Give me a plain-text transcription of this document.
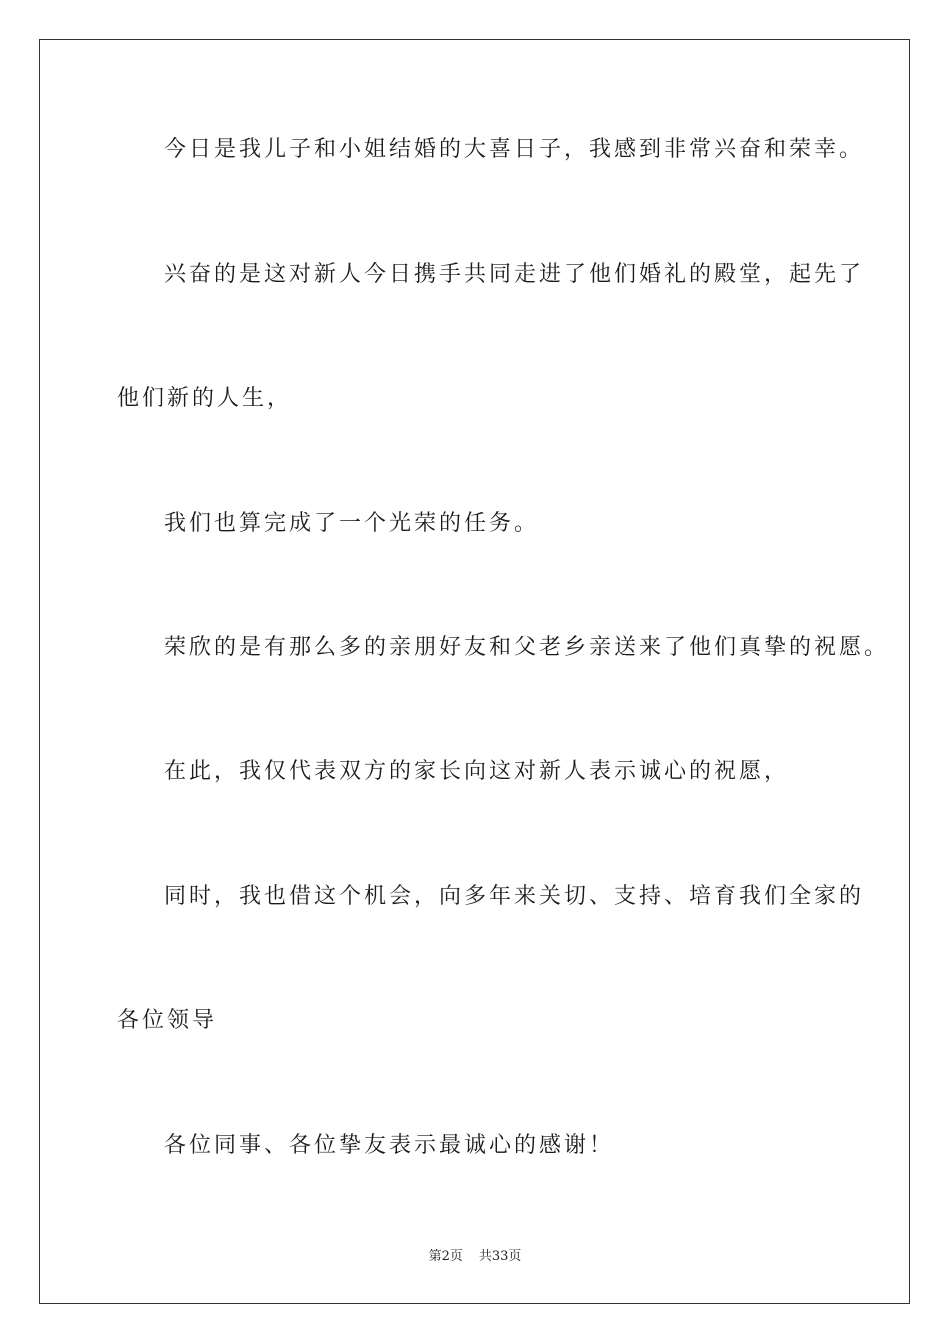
今日是我儿子和小姐结婚的大喜日子，我感到非常兴奋和荣幸。

兴奋的是这对新人今日携手共同走进了他们婚礼的殿堂，起先了

他们新的人生，

我们也算完成了一个光荣的任务。

荣欣的是有那么多的亲朋好友和父老乡亲送来了他们真挚的祝愿。

在此，我仅代表双方的家长向这对新人表示诚心的祝愿，

同时，我也借这个机会，向多年来关切、支持、培育我们全家的

各位领导

各位同事、各位挚友表示最诚心的感谢！

第2页 共33页
